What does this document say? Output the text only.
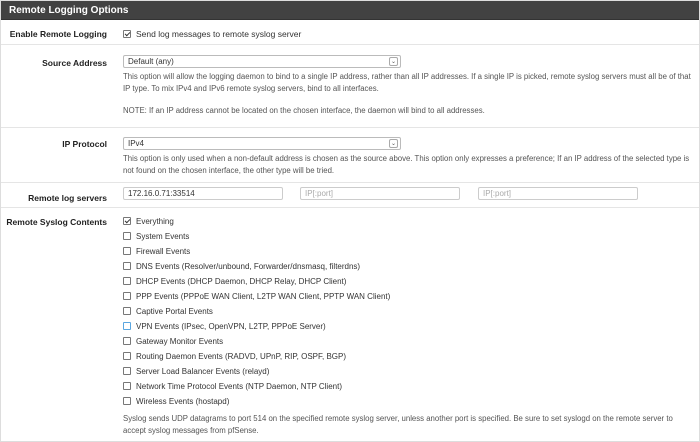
Remote Logging Options
Enable Remote Logging	Send log messages to remote syslog server
Source Address	Default (any)	⌄
This option will allow the logging daemon to bind to a single IP address, rather than all IP addresses. If a single IP is picked, remote syslog servers must all be of that IP type. To mix IPv4 and IPv6 remote syslog servers, bind to all interfaces.
NOTE: If an IP address cannot be located on the chosen interface, the daemon will bind to all addresses.
IP Protocol	IPv4	⌄
This option is only used when a non-default address is chosen as the source above. This option only expresses a preference; If an IP address of the selected type is not found on the chosen interface, the other type will be tried.
Remote log servers	172.16.0.71:33514	IP[:port]	IP[:port]
Remote Syslog Contents	Everything
System Events
Firewall Events
DNS Events (Resolver/unbound, Forwarder/dnsmasq, filterdns)
DHCP Events (DHCP Daemon, DHCP Relay, DHCP Client)
PPP Events (PPPoE WAN Client, L2TP WAN Client, PPTP WAN Client)
Captive Portal Events
VPN Events (IPsec, OpenVPN, L2TP, PPPoE Server)
Gateway Monitor Events
Routing Daemon Events (RADVD, UPnP, RIP, OSPF, BGP)
Server Load Balancer Events (relayd)
Network Time Protocol Events (NTP Daemon, NTP Client)
Wireless Events (hostapd)
Syslog sends UDP datagrams to port 514 on the specified remote syslog server, unless another port is specified. Be sure to set syslogd on the remote server to accept syslog messages from pfSense.
